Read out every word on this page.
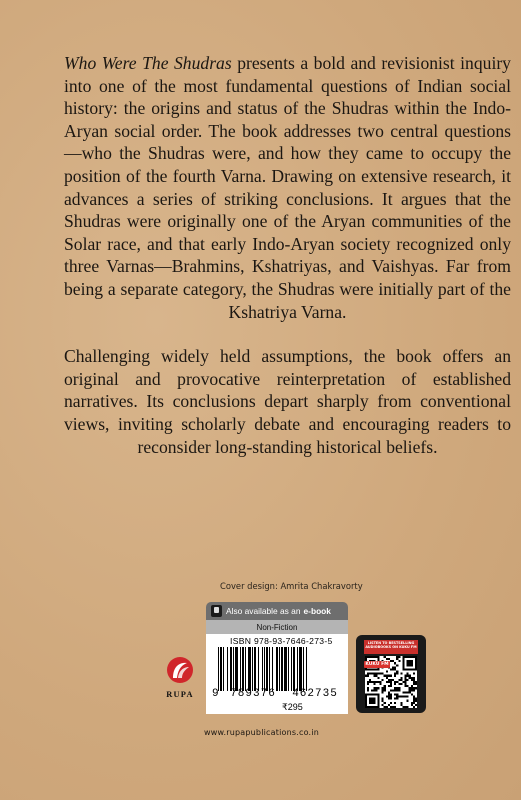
Who Were The Shudras presents a bold and revisionist inquiry into one of the most fundamental questions of Indian social history: the origins and status of the Shudras within the Indo-Aryan social order. The book addresses two central questions—who the Shudras were, and how they came to occupy the position of the fourth Varna. Drawing on extensive research, it advances a series of striking conclusions. It argues that the Shudras were originally one of the Aryan communities of the Solar race, and that early Indo-Aryan society recognized only three Varnas—Brahmins, Kshatriyas, and Vaishyas. Far from being a separate category, the Shudras were initially part of the Kshatriya Varna.

Challenging widely held assumptions, the book offers an original and provocative reinterpretation of established narratives. Its conclusions depart sharply from conventional views, inviting scholarly debate and encouraging readers to reconsider long-standing historical beliefs.

Cover design: Amrita Chakravorty
Also available as an e-book
Non-Fiction
ISBN 978-93-7646-273-5
9	789376	462735
₹295
LISTEN TO BESTSELLING AUDIOBOOKS ON KUKU FM
KUKU FM
RUPA
www.rupapublications.co.in
